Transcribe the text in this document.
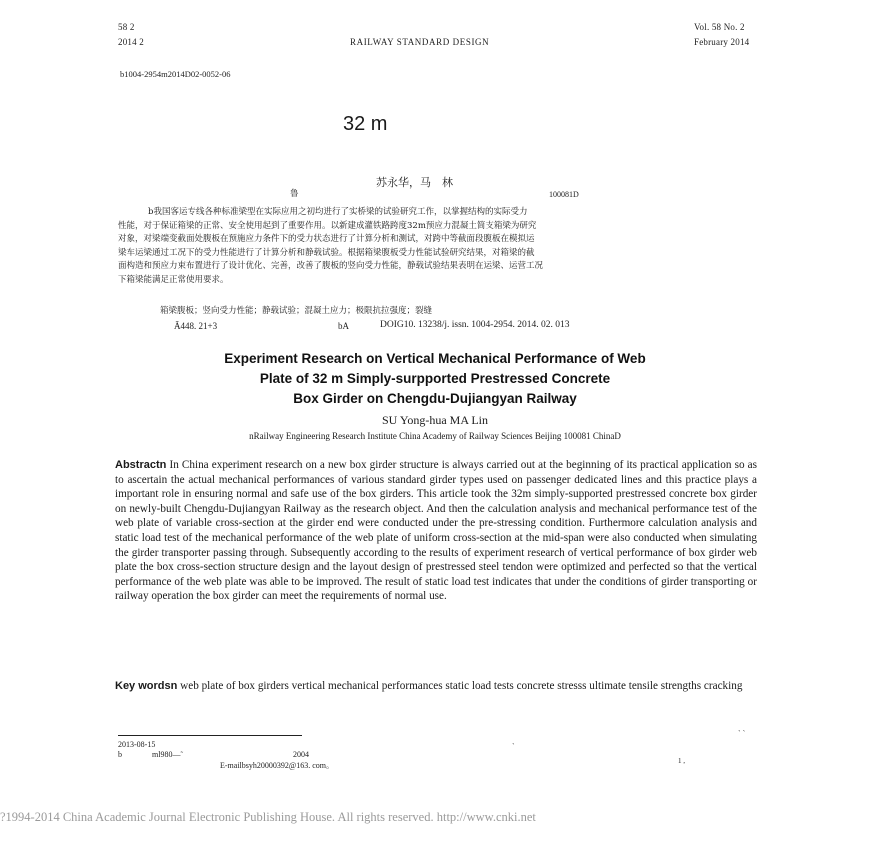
58 2
2014 2	RAILWAY STANDARD DESIGN
Vol. 58 No. 2
February 2014
b1004-2954m2014D02-0052-06
32 m
苏永华，马　林
鲁	100081D
b我国客运专线各种标准梁型在实际应用之初均进行了实桥梁的试验研究工作，以掌握结构的实际受力
性能，对于保证箱梁的正常、安全使用起到了重要作用。以新建成灌铁路跨度32m预应力混凝土简支箱梁为研究
对象，对梁端变截面处腹板在预施应力条件下的受力状态进行了计算分析和测试，对跨中等截面段腹板在模拟运
梁车运梁通过工况下的受力性能进行了计算分析和静载试验。根据箱梁腹板受力性能试验研究结果，对箱梁的截
面构造和预应力束布置进行了设计优化、完善，改善了腹板的竖向受力性能，静载试验结果表明在运梁、运营工况
下箱梁能满足正常使用要求。
箱梁腹板；竖向受力性能；静载试验；混凝土应力；极限抗拉强度；裂缝
Ã448. 21+3	bA	DOIG10. 13238/j. issn. 1004-2954. 2014. 02. 013
Experiment Research on Vertical Mechanical Performance of Web
Plate of 32 m Simply-surpported Prestressed Concrete
Box Girder on Chengdu-Dujiangyan Railway
SU Yong-hua MA Lin
nRailway Engineering Research Institute China Academy of Railway Sciences Beijing 100081 ChinaD
Abstractn In China experiment research on a new box girder structure is always carried out at the beginning of its practical application so as to ascertain the actual mechanical performances of various standard girder types used on passenger dedicated lines and this practice plays a important role in ensuring normal and safe use of the box girders. This article took the 32m simply-supported prestressed concrete box girder on newly-built Chengdu-Dujiangyan Railway as the research object. And then the calculation analysis and mechanical performance test of the web plate of variable cross-section at the girder end were conducted under the pre-stressing condition. Furthermore calculation analysis and static load test of the mechanical performance of the web plate of uniform cross-section at the mid-span were also conducted when simulating the girder transporter passing through. Subsequently according to the results of experiment research of vertical performance of box girder web plate the box cross-section structure design and the layout design of prestressed steel tendon were optimized and perfected so that the vertical performance of the web plate was able to be improved. The result of static load test indicates that under the conditions of girder transporting or railway operation the box girder can meet the requirements of normal use.
Key wordsn web plate of box girders vertical mechanical performances static load tests concrete stresss ultimate tensile strengths cracking
2013-08-15
b	ml980—˜	2004
E-mailbsyh20000392@163. com。
`
` `
1 ,
?1994-2014 China Academic Journal Electronic Publishing House. All rights reserved. http://www.cnki.net
